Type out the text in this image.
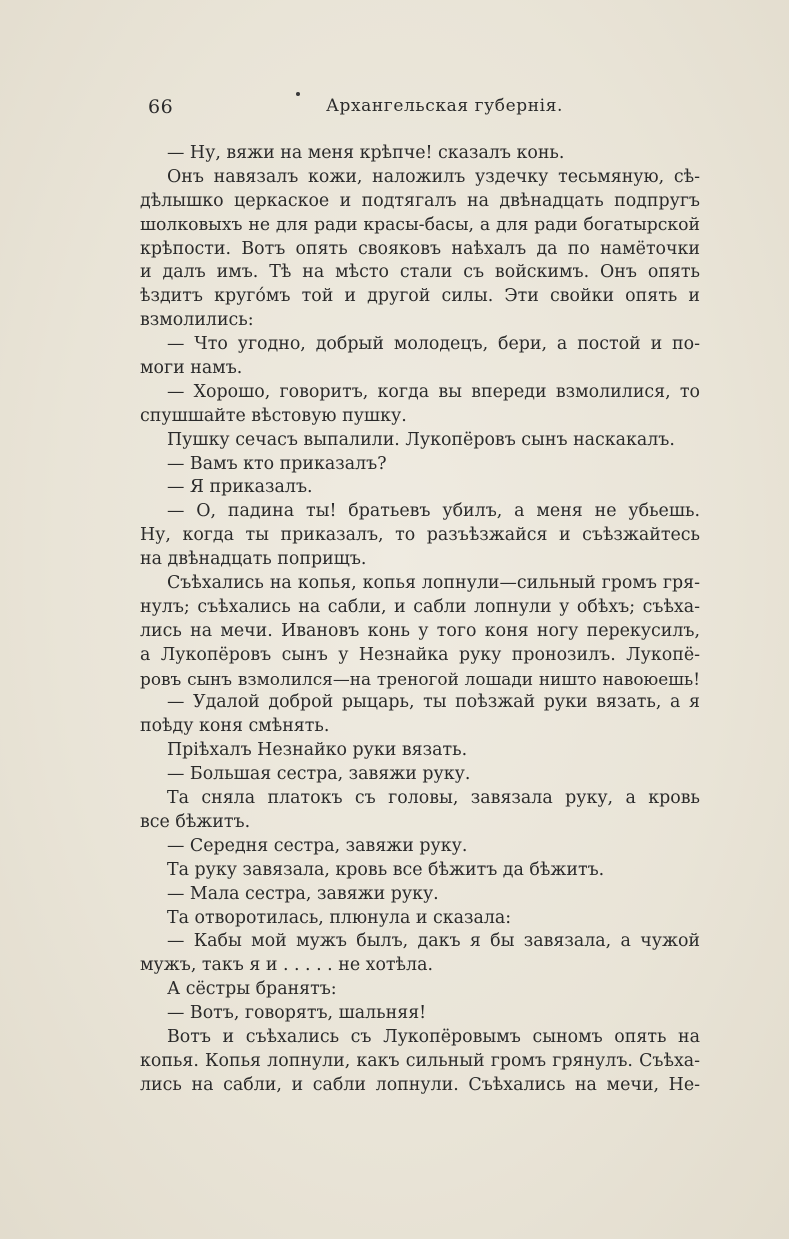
66	Архангельская губернія.
— Ну, вяжи на меня крѣпче! сказалъ конь.
Онъ навязалъ кожи, наложилъ уздечку тесьмяную, сѣ-
дѣлышко церкаское и подтягалъ на двѣнадцать подпругъ
шолковыхъ не для ради красы-басы, а для ради богатырской
крѣпости. Вотъ опять свояковъ наѣхалъ да по намёточки
и далъ имъ. Тѣ на мѣсто стали съ войскимъ. Онъ опять
ѣздитъ кругóмъ той и другой силы. Эти свойки опять и
взмолились:
— Что угодно, добрый молодецъ, бери, а постой и по-
моги намъ.
— Хорошо, говоритъ, когда вы впереди взмолилися, то
спушшайте вѣстовую пушку.
Пушку сечасъ выпалили. Лукопёровъ сынъ наскакалъ.
— Вамъ кто приказалъ?
— Я приказалъ.
— О, падина ты! братьевъ убилъ, а меня не убьешь.
Ну, когда ты приказалъ, то разъѣзжайся и съѣзжайтесь
на двѣнадцать поприщъ.
Съѣхались на копья, копья лопнули—сильный громъ гря-
нулъ; съѣхались на сабли, и сабли лопнули у обѣхъ; съѣха-
лись на мечи. Ивановъ конь у того коня ногу перекусилъ,
а Лукопёровъ сынъ у Незнайка руку пронозилъ. Лукопё-
ровъ сынъ взмолился—на треногой лошади ништо навоюешь!
— Удалой доброй рыцарь, ты поѣзжай руки вязать, а я
поѣду коня смѣнять.
Пріѣхалъ Незнайко руки вязать.
— Большая сестра, завяжи руку.
Та сняла платокъ съ головы, завязала руку, а кровь
все бѣжитъ.
— Середня сестра, завяжи руку.
Та руку завязала, кровь все бѣжитъ да бѣжитъ.
— Мала сестра, завяжи руку.
Та отворотилась, плюнула и сказала:
— Кабы мой мужъ былъ, дакъ я бы завязала, а чужой
мужъ, такъ я и . . . . . не хотѣла.
А сёстры бранятъ:
— Вотъ, говорятъ, шальняя!
Вотъ и съѣхались съ Лукопёровымъ сыномъ опять на
копья. Копья лопнули, какъ сильный громъ грянулъ. Съѣха-
лись на сабли, и сабли лопнули. Съѣхались на мечи, Не-
